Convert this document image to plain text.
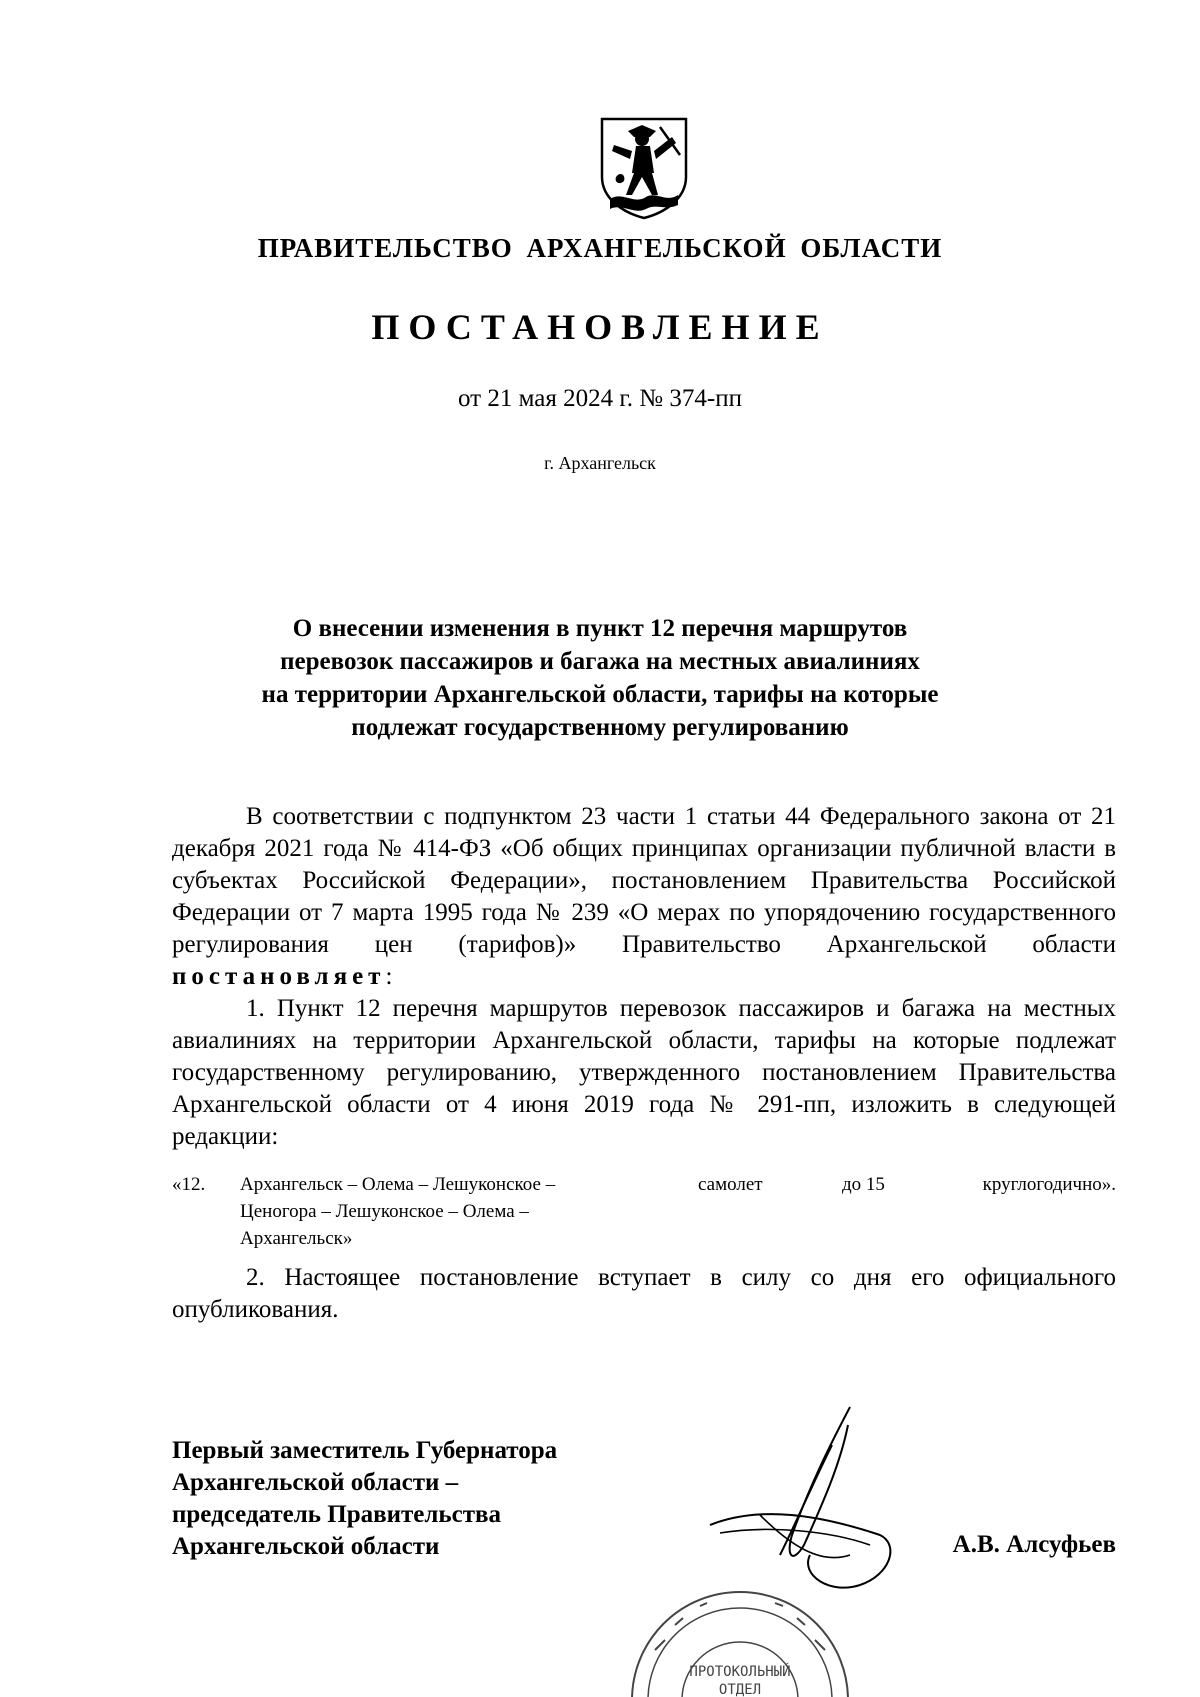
ПРАВИТЕЛЬСТВО АРХАНГЕЛЬСКОЙ ОБЛАСТИ
ПОСТАНОВЛЕНИЕ
от 21 мая 2024 г. № 374-пп
г. Архангельск
О внесении изменения в пункт 12 перечня маршрутов
перевозок пассажиров и багажа на местных авиалиниях
на территории Архангельской области, тарифы на которые
подлежат государственному регулированию

В соответствии с подпунктом 23 части 1 статьи 44 Федерального закона от 21 декабря 2021 года № 414-ФЗ «Об общих принципах организации публичной власти в субъектах Российской Федерации», постановлением Правительства Российской Федерации от 7 марта 1995 года № 239 «О мерах по упорядочению государственного регулирования цен (тарифов)» Правительство Архангельской области постановляет:

1. Пункт 12 перечня маршрутов перевозок пассажиров и багажа на местных авиалиниях на территории Архангельской области, тарифы на которые подлежат государственному регулированию, утвержденного постановлением Правительства Архангельской области от 4 июня 2019 года № 291-пп, изложить в следующей редакции:

«12. Архангельск – Олема – Лешуконское –
Ценогора – Лешуконское – Олема –
Архангельск»
самолет	до 15	круглогодично».

2. Настоящее постановление вступает в силу со дня его официального опубликования.

Первый заместитель Губернатора
Архангельской области –
председатель Правительства
Архангельской области
ПРОТОКОЛЬНЫЙ
ОТДЕЛ
А.В. Алсуфьев
